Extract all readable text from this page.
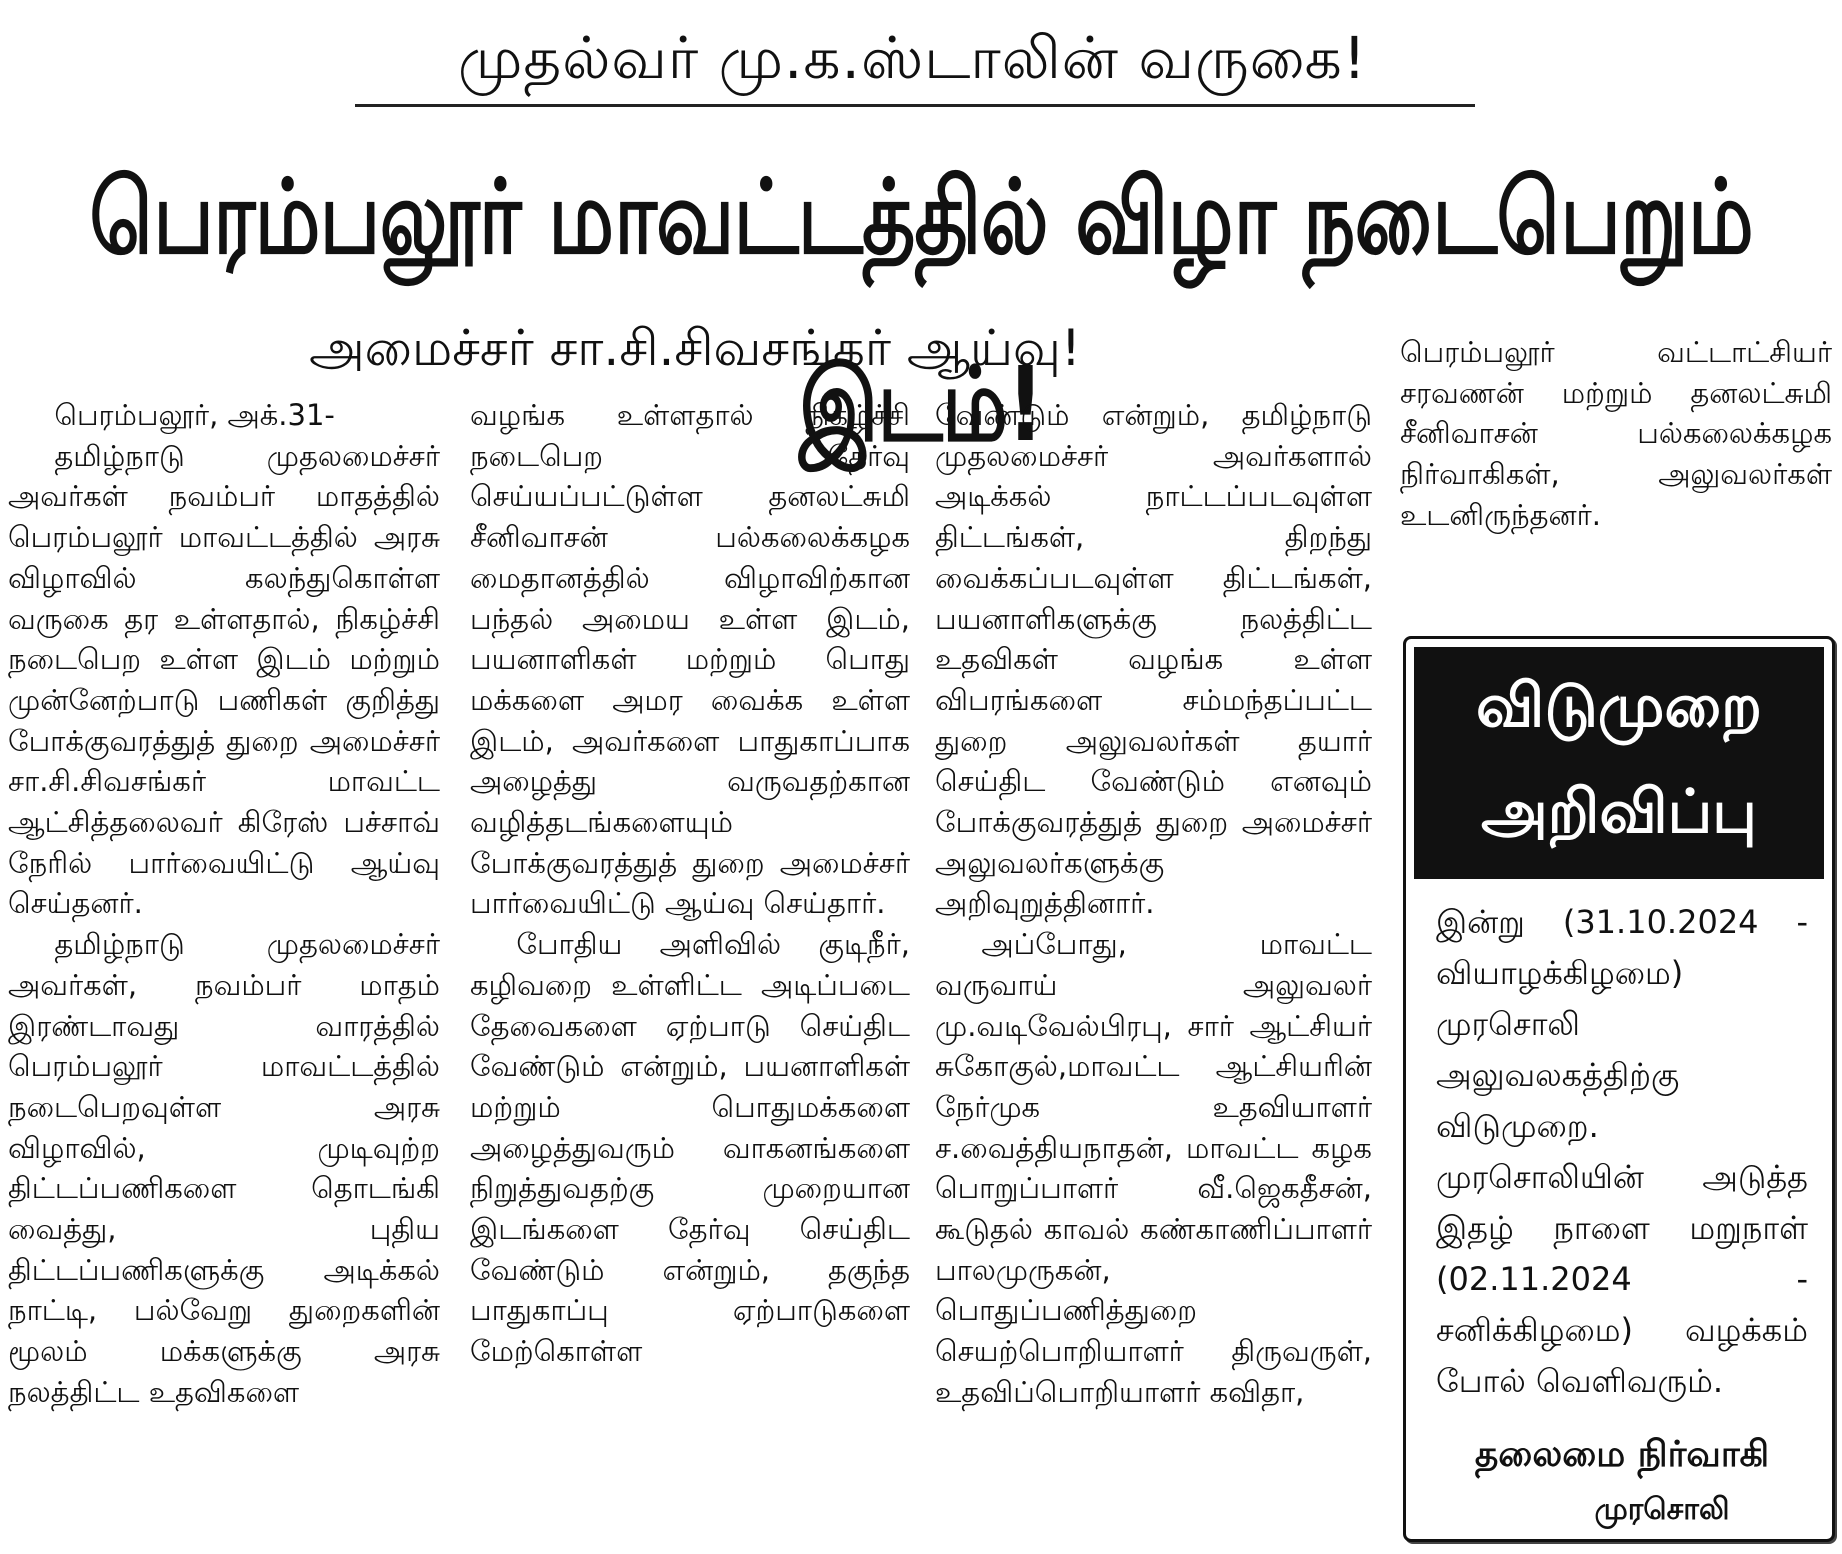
முதல்வர் மு.க.ஸ்டாலின் வருகை!
பெரம்பலூர் மாவட்டத்தில் விழா நடைபெறும் இடம்!
அமைச்சர் சா.சி.சிவசங்கர் ஆய்வு!

பெரம்பலூர், அக்.31-

தமிழ்நாடு முதலமைச்சர் அவர்கள் நவம்பர் மாதத்தில் பெரம்பலூர் மாவட்டத்தில் அரசு விழாவில் கலந்துகொள்ள வருகை தர உள்ளதால், நிகழ்ச்சி நடைபெற உள்ள இடம் மற்றும் முன்னேற்பாடு பணிகள் குறித்து போக்குவரத்துத் துறை அமைச்சர் சா.சி.சிவசங்கர் மாவட்ட ஆட்சித்தலைவர் கிரேஸ் பச்சாவ் நேரில் பார்வையிட்டு ஆய்வு செய்தனர்.

தமிழ்நாடு முதலமைச்சர் அவர்கள், நவம்பர் மாதம் இரண்டாவது வாரத்தில் பெரம்பலூர் மாவட்டத்தில் நடைபெறவுள்ள அரசு விழாவில், முடிவுற்ற திட்டப்பணிகளை தொடங்கி வைத்து, புதிய திட்டப்பணிகளுக்கு அடிக்கல் நாட்டி, பல்வேறு துறைகளின் மூலம் மக்களுக்கு அரசு நலத்திட்ட உதவிகளை

வழங்க உள்ளதால் நிகழ்ச்சி நடைபெற தேர்வு செய்யப்பட்டுள்ள தனலட்சுமி சீனிவாசன் பல்கலைக்கழக மைதானத்தில் விழாவிற்கான பந்தல் அமைய உள்ள இடம், பயனாளிகள் மற்றும் பொது மக்களை அமர வைக்க உள்ள இடம், அவர்களை பாதுகாப்பாக அழைத்து வருவதற்கான வழித்தடங்களையும் போக்குவரத்துத் துறை அமைச்சர் பார்வையிட்டு ஆய்வு செய்தார்.

போதிய அளிவில் குடிநீர், கழிவறை உள்ளிட்ட அடிப்படை தேவைகளை ஏற்பாடு செய்திட வேண்டும் என்றும், பயனாளிகள் மற்றும் பொதுமக்களை அழைத்துவரும் வாகனங்களை நிறுத்துவதற்கு முறையான இடங்களை தேர்வு செய்திட வேண்டும் என்றும், தகுந்த பாதுகாப்பு ஏற்பாடுகளை மேற்கொள்ள

வேண்டும் என்றும், தமிழ்நாடு முதலமைச்சர் அவர்களால் அடிக்கல் நாட்டப்படவுள்ள திட்டங்கள், திறந்து வைக்கப்படவுள்ள திட்டங்கள், பயனாளிகளுக்கு நலத்திட்ட உதவிகள் வழங்க உள்ள விபரங்களை சம்மந்தப்பட்ட துறை அலுவலர்கள் தயார் செய்திட வேண்டும் எனவும் போக்குவரத்துத் துறை அமைச்சர் அலுவலர்களுக்கு அறிவுறுத்தினார்.

அப்போது, மாவட்ட வருவாய் அலுவலர் மு.வடிவேல்பிரபு, சார் ஆட்சியர் சுகோகுல்,மாவட்ட ஆட்சியரின் நேர்முக உதவியாளர் ச.வைத்தியநாதன், மாவட்ட கழக பொறுப்பாளர் வீ.ஜெகதீசன், கூடுதல் காவல் கண்காணிப்பாளர் பாலமுருகன், பொதுப்பணித்துறை செயற்பொறியாளர் திருவருள், உதவிப்பொறியாளர் கவிதா,

பெரம்பலூர் வட்டாட்சியர் சரவணன் மற்றும் தனலட்சுமி சீனிவாசன் பல்கலைக்கழக நிர்வாகிகள், அலுவலர்கள் உடனிருந்தனர்.

விடுமுறை
அறிவிப்பு

இன்று (31.10.2024 - வியாழக்கிழமை) முரசொலி அலுவலகத்திற்கு விடுமுறை. முரசொலியின் அடுத்த இதழ் நாளை மறுநாள் (02.11.2024 - சனிக்கிழமை) வழக்கம் போல் வெளிவரும்.

தலைமை நிர்வாகி
முரசொலி
